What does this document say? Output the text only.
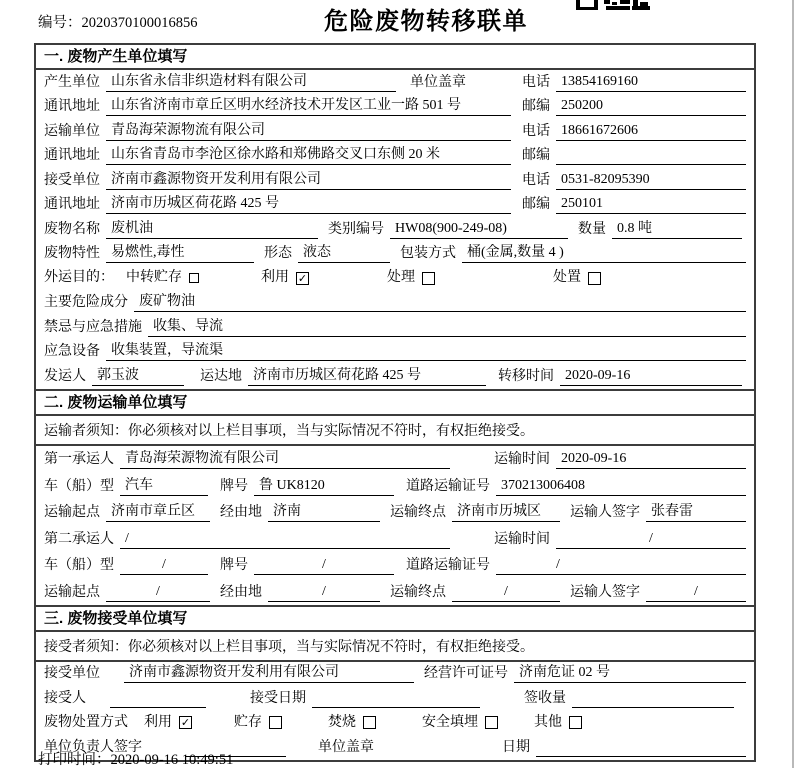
编号：2020370100016856	危险废物转移联单
一. 废物产生单位填写
产生单位 山东省永信非织造材料有限公司	单位盖章	电话 13854169160
通讯地址 山东省济南市章丘区明水经济技术开发区工业一路 501 号	邮编 250200
运输单位 青岛海荣源物流有限公司	电话 18661672606
通讯地址 山东省青岛市李沧区徐水路和郑佛路交叉口东侧 20 米	邮编
接受单位 济南市鑫源物资开发利用有限公司	电话 0531-82095390
通讯地址 济南市历城区荷花路 425 号	邮编 250101
废物名称 废机油	类别编号 HW08(900-249-08)	数量 0.8 吨
废物特性 易燃性,毒性	形态 液态	包装方式 桶(金属,数量 4 )
外运目的： 中转贮存	利用 ✓	处理	处置
主要危险成分 废矿物油
禁忌与应急措施 收集、导流
应急设备 收集装置，导流渠
发运人 郭玉波	运达地 济南市历城区荷花路 425 号	转移时间 2020-09-16
二. 废物运输单位填写
运输者须知：你必须核对以上栏目事项，当与实际情况不符时，有权拒绝接受。
第一承运人 青岛海荣源物流有限公司	运输时间 2020-09-16
车（船）型 汽车	牌号 鲁 UK8120	道路运输证号 370213006408
运输起点 济南市章丘区	经由地 济南	运输终点 济南市历城区	运输人签字 张春雷
第二承运人 /	运输时间	/
车（船）型	/	牌号	/	道路运输证号	/
运输起点	/	经由地	/	运输终点	/	运输人签字	/
三. 废物接受单位填写
接受者须知：你必须核对以上栏目事项，当与实际情况不符时，有权拒绝接受。
接受单位	济南市鑫源物资开发利用有限公司	经营许可证号 济南危证 02 号
接受人	接受日期	签收量
废物处置方式 利用 ✓	贮存	焚烧	安全填埋	其他
单位负责人签字	单位盖章	日期
打印时间：2020-09-16 10:49:51
